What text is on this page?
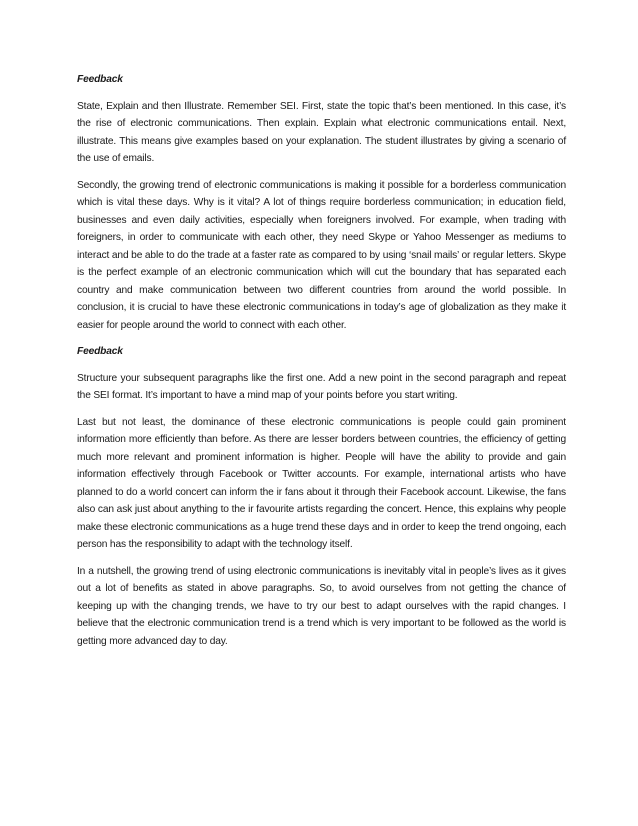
Feedback

State, Explain and then Illustrate. Remember SEI. First, state the topic that’s been mentioned. In this case, it’s the rise of electronic communications. Then explain. Explain what electronic communications entail. Next, illustrate. This means give examples based on your explanation. The student illustrates by giving a scenario of the use of emails.

Secondly, the growing trend of electronic communications is making it possible for a borderless communication which is vital these days. Why is it vital? A lot of things require borderless communication; in education field, businesses and even daily activities, especially when foreigners involved. For example, when trading with foreigners, in order to communicate with each other, they need Skype or Yahoo Messenger as mediums to interact and be able to do the trade at a faster rate as compared to by using ‘snail mails’ or regular letters. Skype is the perfect example of an electronic communication which will cut the boundary that has separated each country and make communication between two different countries from around the world possible. In conclusion, it is crucial to have these electronic communications in today’s age of globalization as they make it easier for people around the world to connect with each other.

Feedback

Structure your subsequent paragraphs like the first one. Add a new point in the second paragraph and repeat the SEI format. It’s important to have a mind map of your points before you start writing.

Last but not least, the dominance of these electronic communications is people could gain prominent information more efficiently than before. As there are lesser borders between countries, the efficiency of getting much more relevant and prominent information is higher. People will have the ability to provide and gain information effectively through Facebook or Twitter accounts. For example, international artists who have planned to do a world concert can inform the ir fans about it through their Facebook account. Likewise, the fans also can ask just about anything to the ir favourite artists regarding the concert. Hence, this explains why people make these electronic communications as a huge trend these days and in order to keep the trend ongoing, each person has the responsibility to adapt with the technology itself.

In a nutshell, the growing trend of using electronic communications is inevitably vital in people’s lives as it gives out a lot of benefits as stated in above paragraphs. So, to avoid ourselves from not getting the chance of keeping up with the changing trends, we have to try our best to adapt ourselves with the rapid changes. I believe that the electronic communication trend is a trend which is very important to be followed as the world is getting more advanced day to day.
